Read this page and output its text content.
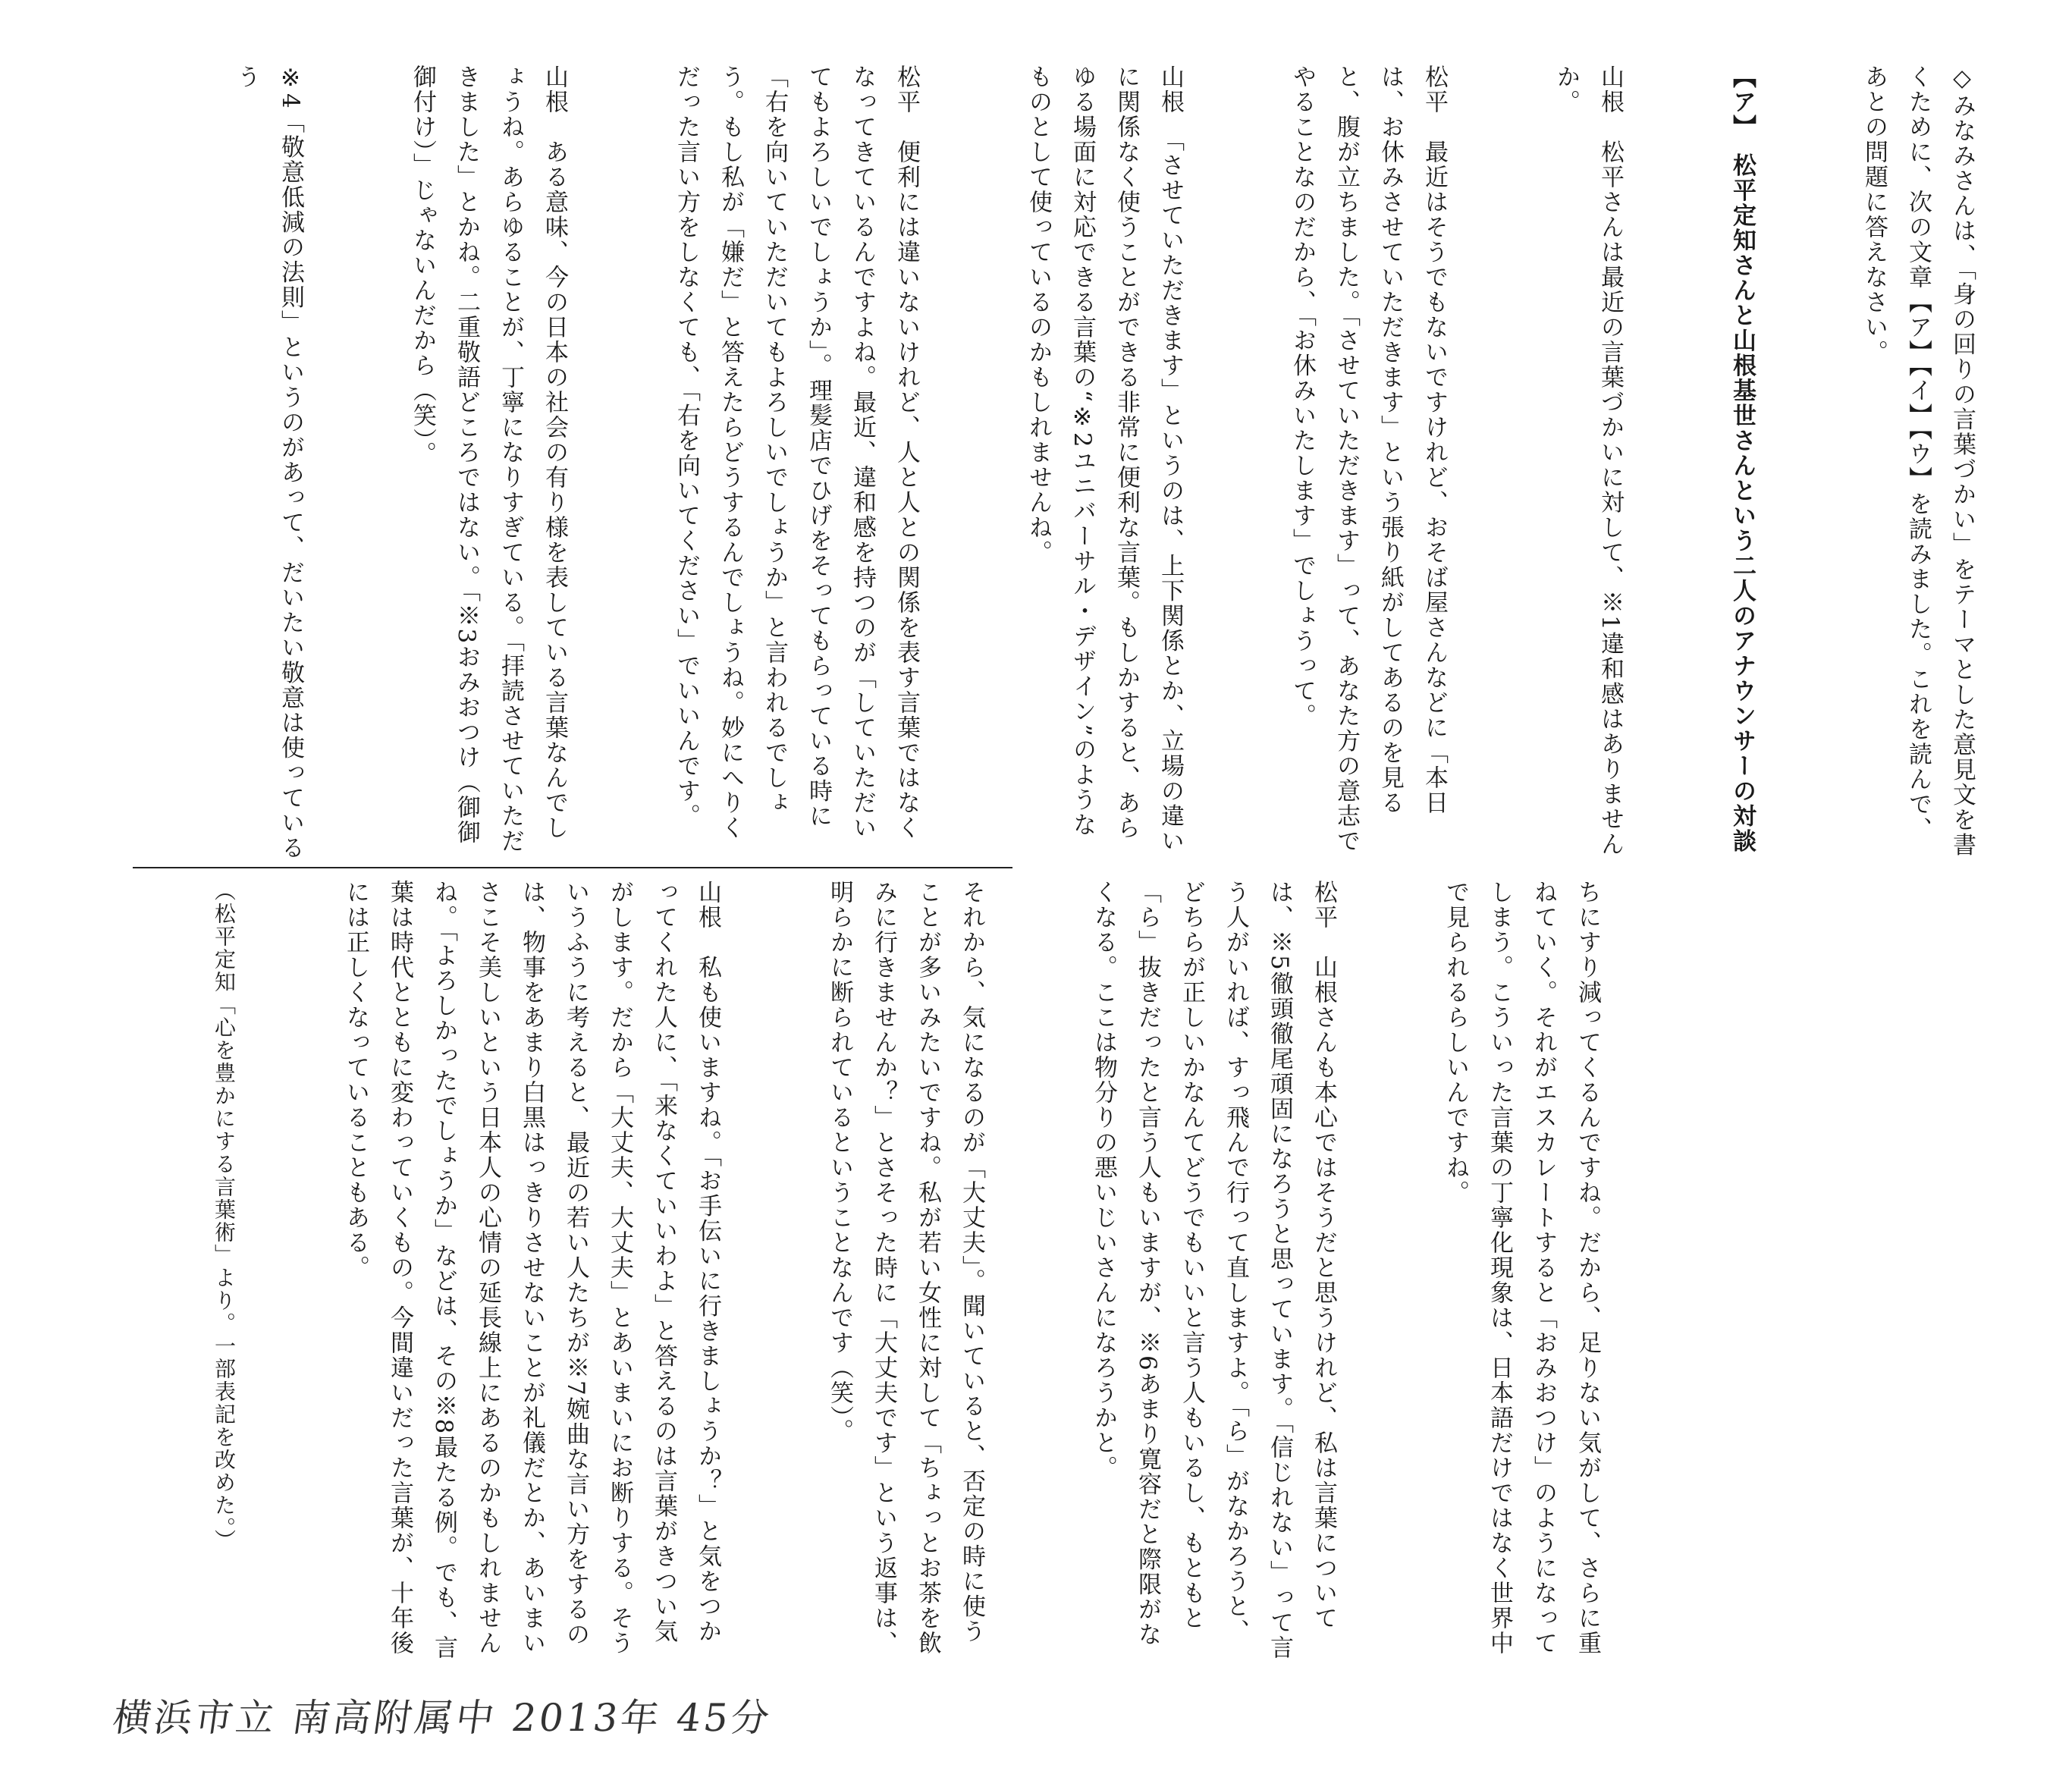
◇みなみさんは、「身の回りの言葉づかい」をテーマとした意見文を書くために、次の文章【ア】【イ】【ウ】を読みました。これを読んで、あとの問題に答えなさい。

【ア】　松平定知さんと山根基世さんという二人のアナウンサーの対談

山根　松平さんは最近の言葉づかいに対して、※1違和感はありませんか。

松平　最近はそうでもないですけれど、おそば屋さんなどに「本日は、お休みさせていただきます」という張り紙がしてあるのを見ると、腹が立ちました。「させていただきます」って、あなた方の意志でやることなのだから、「お休みいたします」でしょうって。

山根　「させていただきます」というのは、上下関係とか、立場の違いに関係なく使うことができる非常に便利な言葉。もしかすると、あらゆる場面に対応できる言葉の“※2ユニバーサル・デザイン”のようなものとして使っているのかもしれませんね。

松平　便利には違いないけれど、人と人との関係を表す言葉ではなくなってきているんですよね。最近、違和感を持つのが「していただいてもよろしいでしょうか」。理髪店でひげをそってもらっている時に「右を向いていただいてもよろしいでしょうか」と言われるでしょう。もし私が「嫌だ」と答えたらどうするんでしょうね。妙にへりくだった言い方をしなくても、「右を向いてください」でいいんです。

山根　ある意味、今の日本の社会の有り様を表している言葉なんでしょうね。あらゆることが、丁寧になりすぎている。「拝読させていただきました」とかね。二重敬語どころではない。「※3おみおつけ（御御御付け）」じゃないんだから（笑）。

※4「敬意低減の法則」というのがあって、だいたい敬意は使っているう

ちにすり減ってくるんですね。だから、足りない気がして、さらに重ねていく。それがエスカレートすると「おみおつけ」のようになってしまう。こういった言葉の丁寧化現象は、日本語だけではなく世界中で見られるらしいんですね。

松平　山根さんも本心ではそうだと思うけれど、私は言葉については、※5徹頭徹尾頑固になろうと思っています。「信じれない」って言う人がいれば、すっ飛んで行って直しますよ。「ら」がなかろうと、どちらが正しいかなんてどうでもいいと言う人もいるし、もともと「ら」抜きだったと言う人もいますが、※6あまり寛容だと際限がなくなる。ここは物分りの悪いじいさんになろうかと。

それから、気になるのが「大丈夫」。聞いていると、否定の時に使うことが多いみたいですね。私が若い女性に対して「ちょっとお茶を飲みに行きませんか？」とさそった時に「大丈夫です」という返事は、明らかに断られているということなんです（笑）。

山根　私も使いますね。「お手伝いに行きましょうか？」と気をつかってくれた人に、「来なくていいわよ」と答えるのは言葉がきつい気がします。だから「大丈夫、大丈夫」とあいまいにお断りする。そういうふうに考えると、最近の若い人たちが※7婉曲な言い方をするのは、物事をあまり白黒はっきりさせないことが礼儀だとか、あいまいさこそ美しいという日本人の心情の延長線上にあるのかもしれませんね。「よろしかったでしょうか」などは、その※8最たる例。でも、言葉は時代とともに変わっていくもの。今間違いだった言葉が、十年後には正しくなっていることもある。

（松平定知「心を豊かにする言葉術」より。一部表記を改めた。）

横浜市立 南高附属中 2013年 45分
